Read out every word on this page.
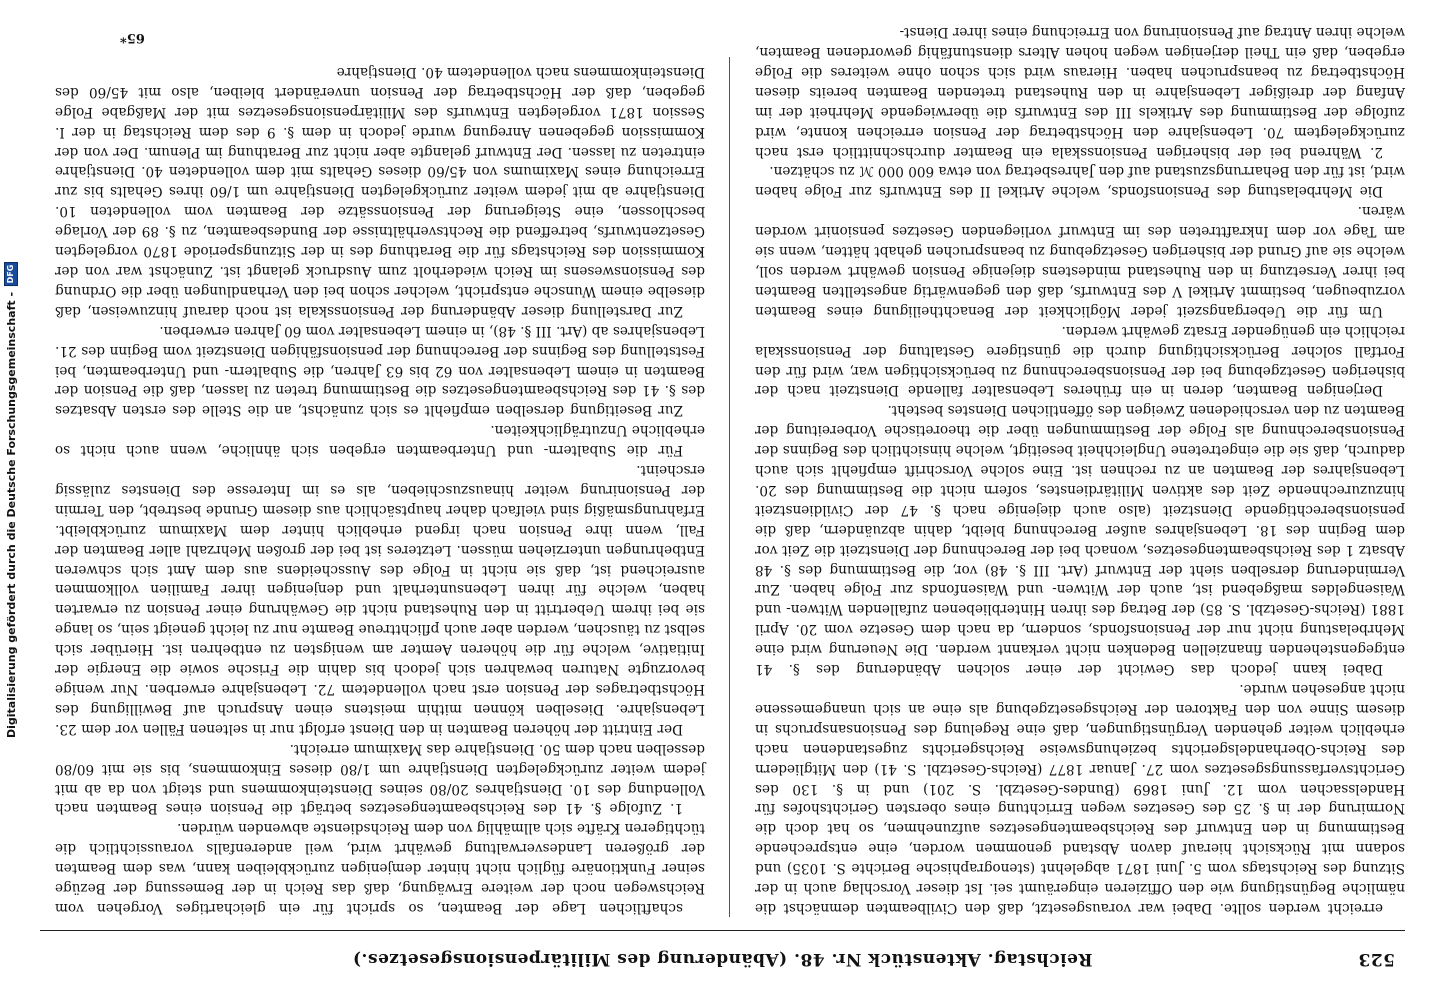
Digitalisierung gefördert durch die Deutsche Forschungsgemeinschaft -
DFG
523
Reichstag. Aktenstück Nr. 48. (Abänderung des Militärpensionsgesetzes.)

erreicht werden sollte. Dabei war vorausgesetzt, daß den Civilbeamten demnächst die nämliche Begünstigung wie den Offizieren eingeräumt sei. Ist dieser Vorschlag auch in der Sitzung des Reichstags vom 5. Juni 1871 abgelehnt (stenographische Berichte S. 1035) und sodann mit Rücksicht hierauf davon Abstand genommen worden, eine entsprechende Bestimmung in den Entwurf des Reichsbeamtengesetzes aufzunehmen, so hat doch die Normirung der in §. 25 des Gesetzes wegen Errichtung eines obersten Gerichtshofes für Handelssachen vom 12. Juni 1869 (Bundes-Gesetzbl. S. 201) und in §. 130 des Gerichtsverfassungsgesetzes vom 27. Januar 1877 (Reichs-Gesetzbl. S. 41) den Mitgliedern des Reichs-Oberhandelsgerichts beziehungsweise Reichsgerichts zugestandenen nach erheblich weiter gehenden Vergünstigungen, daß eine Regelung des Pensionsanspruchs in diesem Sinne von den Faktoren der Reichsgesetzgebung als eine an sich unangemessene nicht angesehen wurde.

Dabei kann jedoch das Gewicht der einer solchen Abänderung des §. 41 entgegenstehenden finanziellen Bedenken nicht verkannt werden. Die Neuerung wird eine Mehrbelastung nicht nur der Pensionsfonds, sondern, da nach dem Gesetze vom 20. April 1881 (Reichs-Gesetzbl. S. 85) der Betrag des ihren Hinterbliebenen zufallenden Witwen- und Waisengeldes maßgebend ist, auch der Witwen- und Waisenfonds zur Folge haben. Zur Verminderung derselben sieht der Entwurf (Art. III §. 48) vor, die Bestimmung des §. 48 Absatz 1 des Reichsbeamtengesetzes, wonach bei der Berechnung der Dienstzeit die Zeit vor dem Beginn des 18. Lebensjahres außer Berechnung bleibt, dahin abzuändern, daß die pensionsberechtigende Dienstzeit (also auch diejenige nach §. 47 der Civildienstzeit hinzuzurechnende Zeit des aktiven Militärdienstes, sofern nicht die Bestimmung des 20. Lebensjahres der Beamten an zu rechnen ist. Eine solche Vorschrift empfiehlt sich auch dadurch, daß sie die eingetretene Ungleichheit beseitigt, welche hinsichtlich des Beginns der Pensionsberechnung als Folge der Bestimmungen über die theoretische Vorbereitung der Beamten zu den verschiedenen Zweigen des öffentlichen Dienstes besteht.

Derjenigen Beamten, deren in ein früheres Lebensalter fallende Dienstzeit nach der bisherigen Gesetzgebung bei der Pensionsberechnung zu berücksichtigen war, wird für den Fortfall solcher Berücksichtigung durch die günstigere Gestaltung der Pensionsskala reichlich ein genügender Ersatz gewährt werden.

Um für die Uebergangszeit jeder Möglichkeit der Benachtheiligung eines Beamten vorzubeugen, bestimmt Artikel V des Entwurfs, daß den gegenwärtig angestellten Beamten bei ihrer Versetzung in den Ruhestand mindestens diejenige Pension gewährt werden soll, welche sie auf Grund der bisherigen Gesetzgebung zu beanspruchen gehabt hätten, wenn sie am Tage vor dem Inkrafttreten des im Entwurf vorliegenden Gesetzes pensionirt worden wären.

Die Mehrbelastung des Pensionsfonds, welche Artikel II des Entwurfs zur Folge haben wird, ist für den Beharrungszustand auf den Jahresbetrag von etwa 600 000 ℳ zu schätzen.

2. Während bei der bisherigen Pensionsskala ein Beamter durchschnittlich erst nach zurückgelegtem 70. Lebensjahre den Höchstbetrag der Pension erreichen konnte, wird zufolge der Bestimmung des Artikels III des Entwurfs die überwiegende Mehrheit der im Anfang der dreißiger Lebensjahre in den Ruhestand tretenden Beamten bereits diesen Höchstbetrag zu beanspruchen haben. Hieraus wird sich schon ohne weiteres die Folge ergeben, daß ein Theil derjenigen wegen hohen Alters dienstunfähig gewordenen Beamten, welche ihren Antrag auf Pensionirung von Erreichung eines ihrer Dienst-

schaftlichen Lage der Beamten, so spricht für ein gleichartiges Vorgehen vom Reichswegen noch der weitere Erwägung, daß das Reich in der Bemessung der Bezüge seiner Funktionäre füglich nicht hinter demjenigen zurückbleiben kann, was dem Beamten der größeren Landesverwaltung gewährt wird, weil anderenfalls voraussichtlich die tüchtigeren Kräfte sich allmählig von dem Reichsdienste abwenden würden.

1. Zufolge §. 41 des Reichsbeamtengesetzes beträgt die Pension eines Beamten nach Vollendung des 10. Dienstjahres 20/80 seines Diensteinkommens und steigt von da ab mit jedem weiter zurückgelegten Dienstjahre um 1/80 dieses Einkommens, bis sie mit 60/80 desselben nach dem 50. Dienstjahre das Maximum erreicht.

Der Eintritt der höheren Beamten in den Dienst erfolgt nur in seltenen Fällen vor dem 23. Lebensjahre. Dieselben können mithin meistens einen Anspruch auf Bewilligung des Höchstbetrages der Pension erst nach vollendetem 72. Lebensjahre erwerben. Nur wenige bevorzugte Naturen bewahren sich jedoch bis dahin die Frische sowie die Energie der Initiative, welche für die höheren Aemter am wenigsten zu entbehren ist. Hierüber sich selbst zu täuschen, werden aber auch pflichttreue Beamte nur zu leicht geneigt sein, so lange sie bei ihrem Uebertritt in den Ruhestand nicht die Gewährung einer Pension zu erwarten haben, welche für ihren Lebensunterhalt und denjenigen ihrer Familien vollkommen ausreichend ist, daß sie nicht in Folge des Ausscheidens aus dem Amt sich schweren Entbehrungen unterziehen müssen. Letzteres ist bei der großen Mehrzahl aller Beamten der Fall, wenn ihre Pension nach irgend erheblich hinter dem Maximum zurückbleibt. Erfahrungsmäßig sind vielfach daher hauptsächlich aus diesem Grunde bestrebt, den Termin der Pensionirung weiter hinauszuschieben, als es im Interesse des Dienstes zulässig erscheint.

Für die Subaltern- und Unterbeamten ergeben sich ähnliche, wenn auch nicht so erhebliche Unzuträglichkeiten.

Zur Beseitigung derselben empfiehlt es sich zunächst, an die Stelle des ersten Absatzes des §. 41 des Reichsbeamtengesetzes die Bestimmung treten zu lassen, daß die Pension der Beamten in einem Lebensalter von 62 bis 63 Jahren, die Subaltern- und Unterbeamten, bei Feststellung des Beginns der Berechnung der pensionsfähigen Dienstzeit vom Beginn des 21. Lebensjahres ab (Art. III §. 48), in einem Lebensalter vom 60 Jahren erwerben.

Zur Darstellung dieser Abänderung der Pensionsskala ist noch darauf hinzuweisen, daß dieselbe einem Wunsche entspricht, welcher schon bei den Verhandlungen über die Ordnung des Pensionswesens im Reich wiederholt zum Ausdruck gelangt ist. Zunächst war von der Kommission des Reichstags für die Berathung des in der Sitzungsperiode 1870 vorgelegten Gesetzentwurfs, betreffend die Rechtsverhältnisse der Bundesbeamten, zu §. 89 der Vorlage beschlossen, eine Steigerung der Pensionssätze der Beamten vom vollendeten 10. Dienstjahre ab mit jedem weiter zurückgelegten Dienstjahre um 1/60 ihres Gehalts bis zur Erreichung eines Maximums von 45/60 dieses Gehalts mit dem vollendeten 40. Dienstjahre eintreten zu lassen. Der Entwurf gelangte aber nicht zur Berathung im Plenum. Der von der Kommission gegebenen Anregung wurde jedoch in dem §. 9 des dem Reichstag in der I. Session 1871 vorgelegten Entwurfs des Militärpensionsgesetzes mit der Maßgabe Folge gegeben, daß der Höchstbetrag der Pension unverändert bleiben, also mit 45/60 des Diensteinkommens nach vollendetem 40. Dienstjahre

65*
